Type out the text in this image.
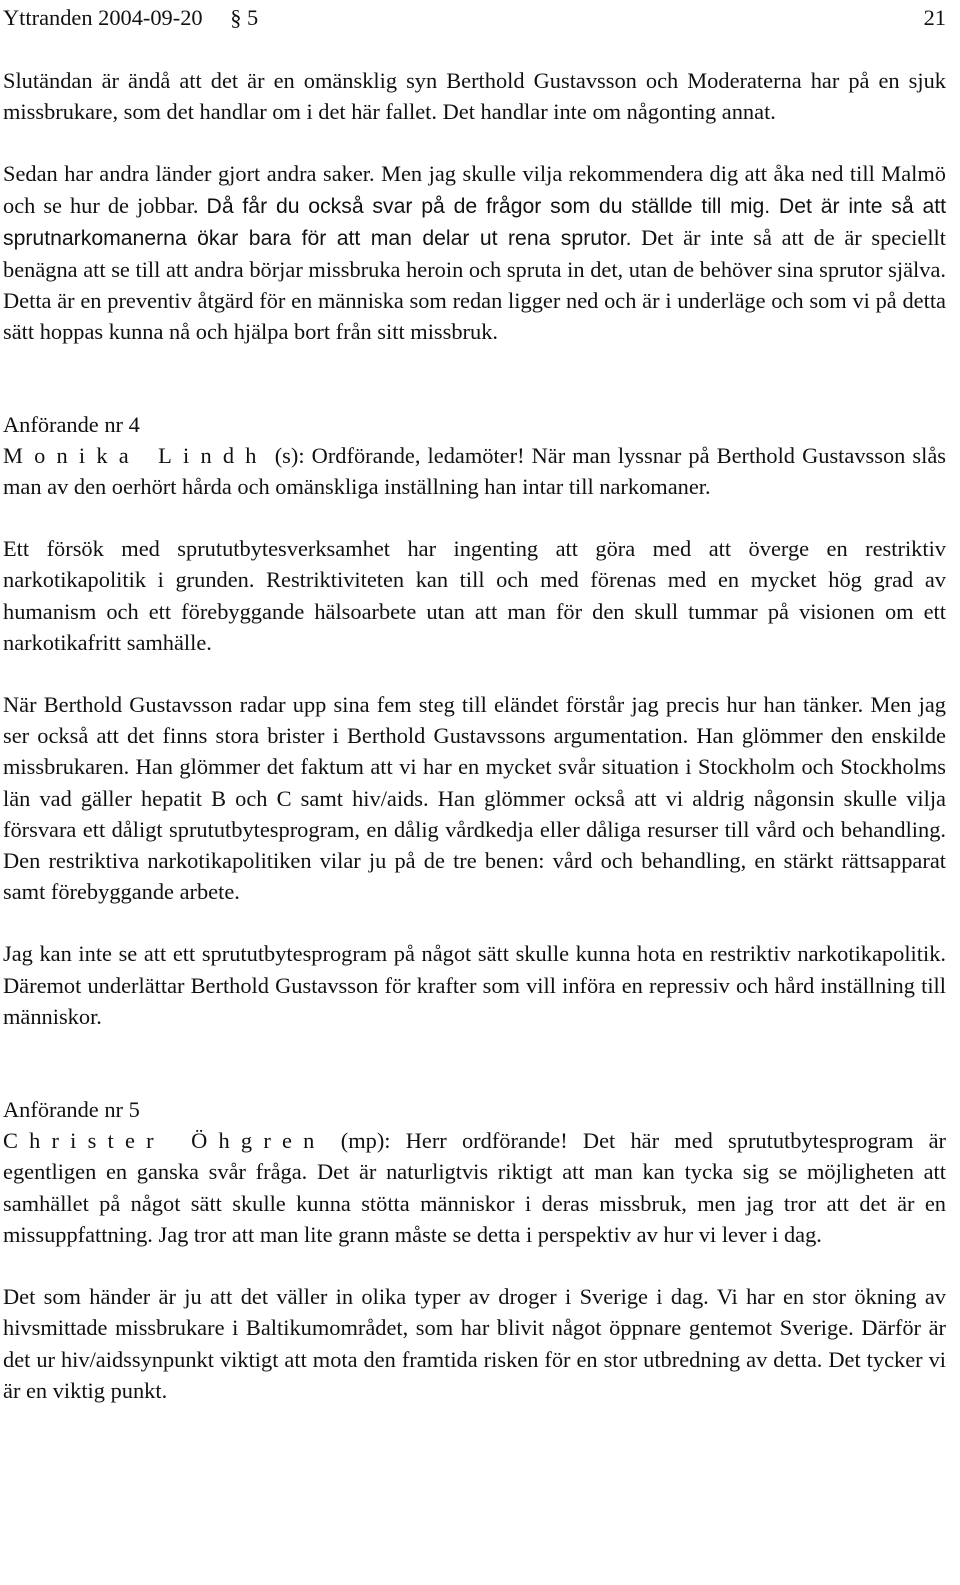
Yttranden 2004-09-20 § 5	21

Slutändan är ändå att det är en omänsklig syn Berthold Gustavsson och Moderaterna har på en sjuk missbrukare, som det handlar om i det här fallet. Det handlar inte om någonting annat.

Sedan har andra länder gjort andra saker. Men jag skulle vilja rekommendera dig att åka ned till Malmö och se hur de jobbar. Då får du också svar på de frågor som du ställde till mig. Det är inte så att sprutnarkomanerna ökar bara för att man delar ut rena sprutor. Det är inte så att de är speciellt benägna att se till att andra börjar missbruka heroin och spruta in det, utan de behöver sina sprutor själva. Detta är en preventiv åtgärd för en människa som redan ligger ned och är i underläge och som vi på detta sätt hoppas kunna nå och hjälpa bort från sitt missbruk.

Anförande nr 4

Monika Lindh (s): Ordförande, ledamöter! När man lyssnar på Berthold Gustavsson slås man av den oerhört hårda och omänskliga inställning han intar till narkomaner.

Ett försök med sprututbytesverksamhet har ingenting att göra med att överge en restriktiv narkotikapolitik i grunden. Restriktiviteten kan till och med förenas med en mycket hög grad av humanism och ett förebyggande hälsoarbete utan att man för den skull tummar på visionen om ett narkotikafritt samhälle.

När Berthold Gustavsson radar upp sina fem steg till eländet förstår jag precis hur han tänker. Men jag ser också att det finns stora brister i Berthold Gustavssons argumentation. Han glömmer den enskilde missbrukaren. Han glömmer det faktum att vi har en mycket svår situation i Stockholm och Stockholms län vad gäller hepatit B och C samt hiv/aids. Han glömmer också att vi aldrig någonsin skulle vilja försvara ett dåligt sprututbytesprogram, en dålig vårdkedja eller dåliga resurser till vård och behandling. Den restriktiva narkotikapolitiken vilar ju på de tre benen: vård och behandling, en stärkt rättsapparat samt förebyggande arbete.

Jag kan inte se att ett sprututbytesprogram på något sätt skulle kunna hota en restriktiv narkotikapolitik. Däremot underlättar Berthold Gustavsson för krafter som vill införa en repressiv och hård inställning till människor.

Anförande nr 5

Christer Öhgren (mp): Herr ordförande! Det här med sprututbytesprogram är egentligen en ganska svår fråga. Det är naturligtvis riktigt att man kan tycka sig se möjligheten att samhället på något sätt skulle kunna stötta människor i deras missbruk, men jag tror att det är en missuppfattning. Jag tror att man lite grann måste se detta i perspektiv av hur vi lever i dag.

Det som händer är ju att det väller in olika typer av droger i Sverige i dag. Vi har en stor ökning av hivsmittade missbrukare i Baltikumområdet, som har blivit något öppnare gentemot Sverige. Därför är det ur hiv/aidssynpunkt viktigt att mota den framtida risken för en stor utbredning av detta. Det tycker vi är en viktig punkt.
